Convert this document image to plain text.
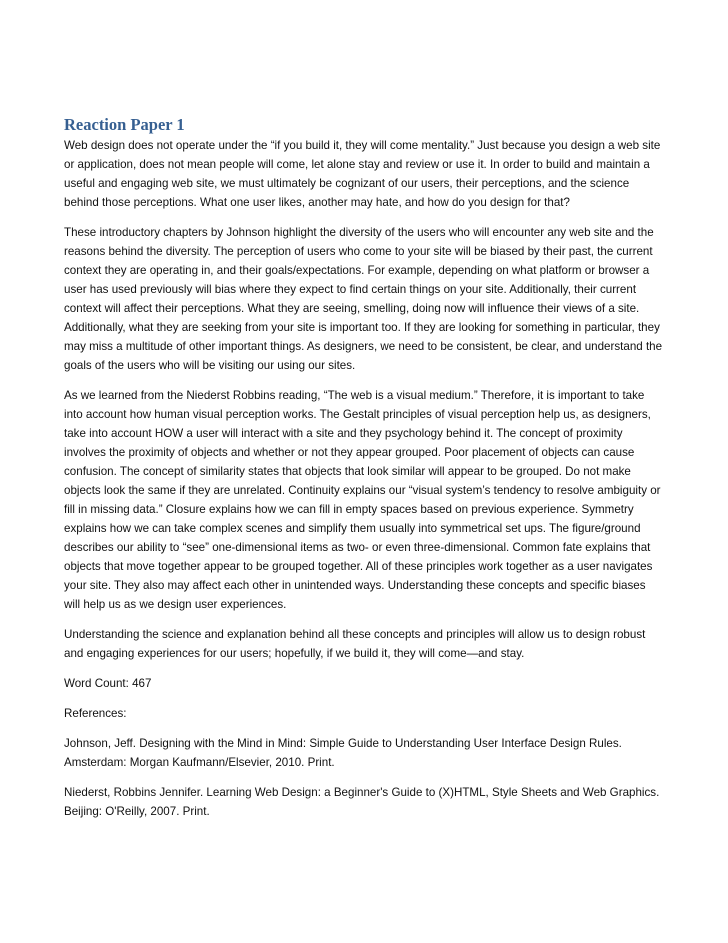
Reaction Paper 1

Web design does not operate under the “if you build it, they will come mentality.” Just because you design a web site or application, does not mean people will come, let alone stay and review or use it. In order to build and maintain a useful and engaging web site, we must ultimately be cognizant of our users, their perceptions, and the science behind those perceptions. What one user likes, another may hate, and how do you design for that?

These introductory chapters by Johnson highlight the diversity of the users who will encounter any web site and the reasons behind the diversity. The perception of users who come to your site will be biased by their past, the current context they are operating in, and their goals/expectations. For example, depending on what platform or browser a user has used previously will bias where they expect to find certain things on your site. Additionally, their current context will affect their perceptions. What they are seeing, smelling, doing now will influence their views of a site. Additionally, what they are seeking from your site is important too. If they are looking for something in particular, they may miss a multitude of other important things. As designers, we need to be consistent, be clear, and understand the goals of the users who will be visiting our using our sites.

As we learned from the Niederst Robbins reading, “The web is a visual medium.” Therefore, it is important to take into account how human visual perception works. The Gestalt principles of visual perception help us, as designers, take into account HOW a user will interact with a site and they psychology behind it. The concept of proximity involves the proximity of objects and whether or not they appear grouped. Poor placement of objects can cause confusion. The concept of similarity states that objects that look similar will appear to be grouped. Do not make objects look the same if they are unrelated. Continuity explains our “visual system’s tendency to resolve ambiguity or fill in missing data.” Closure explains how we can fill in empty spaces based on previous experience. Symmetry explains how we can take complex scenes and simplify them usually into symmetrical set ups. The figure/ground describes our ability to “see” one-dimensional items as two- or even three-dimensional. Common fate explains that objects that move together appear to be grouped together. All of these principles work together as a user navigates your site. They also may affect each other in unintended ways. Understanding these concepts and specific biases will help us as we design user experiences.

Understanding the science and explanation behind all these concepts and principles will allow us to design robust and engaging experiences for our users; hopefully, if we build it, they will come—and stay.

Word Count: 467

References:

Johnson, Jeff. Designing with the Mind in Mind: Simple Guide to Understanding User Interface Design Rules. Amsterdam: Morgan Kaufmann/Elsevier, 2010. Print.

Niederst, Robbins Jennifer. Learning Web Design: a Beginner's Guide to (X)HTML, Style Sheets and Web Graphics. Beijing: O'Reilly, 2007. Print.
